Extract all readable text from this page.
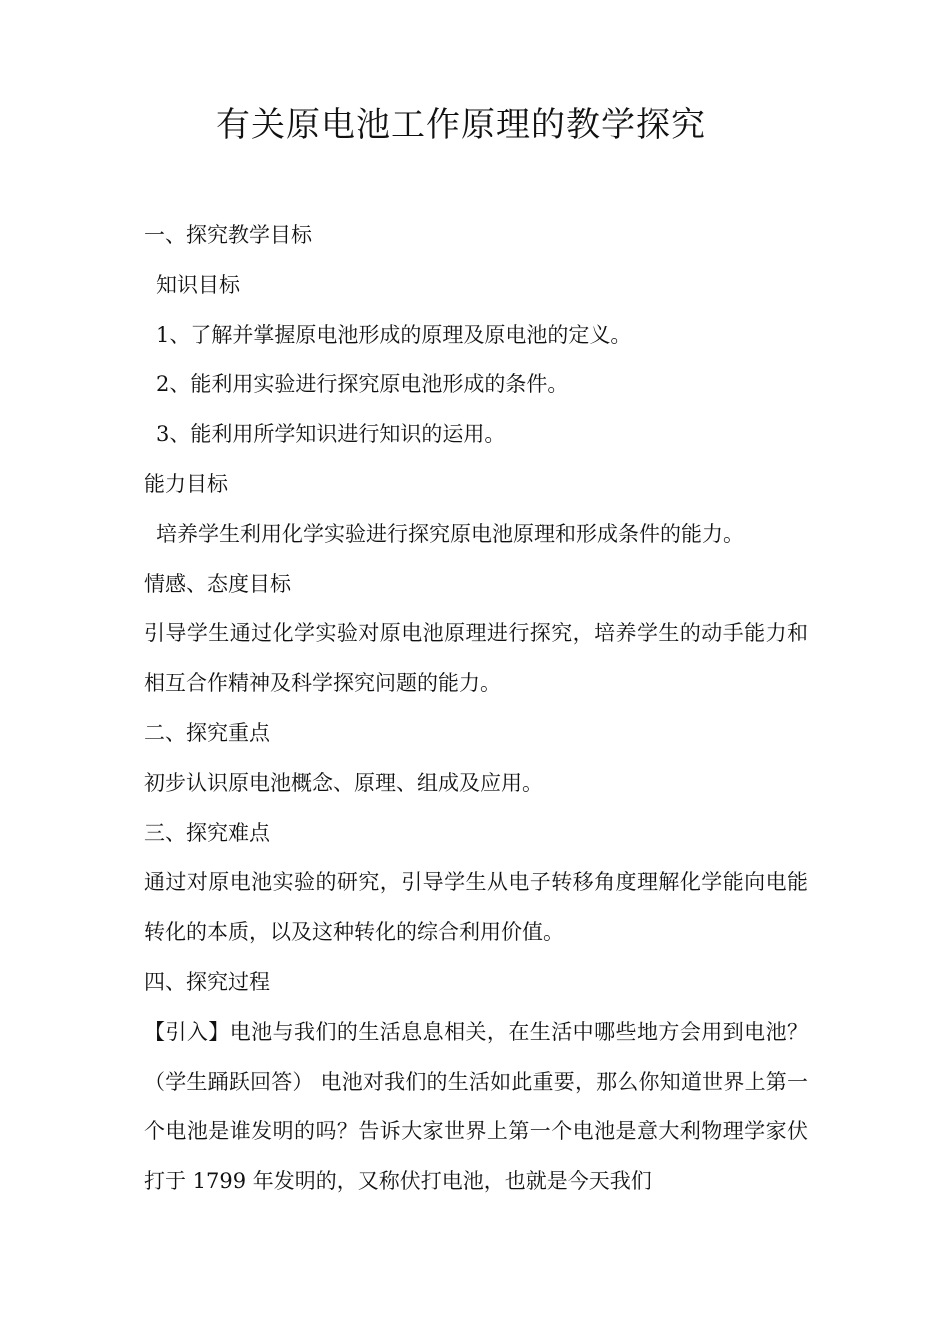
有关原电池工作原理的教学探究
一、探究教学目标
知识目标
1、了解并掌握原电池形成的原理及原电池的定义。
2、能利用实验进行探究原电池形成的条件。
3、能利用所学知识进行知识的运用。
能力目标
培养学生利用化学实验进行探究原电池原理和形成条件的能力。
情感、态度目标

引导学生通过化学实验对原电池原理进行探究，培养学生的动手能力和相互合作精神及科学探究问题的能力。

二、探究重点
初步认识原电池概念、原理、组成及应用。
三、探究难点

通过对原电池实验的研究，引导学生从电子转移角度理解化学能向电能转化的本质，以及这种转化的综合利用价值。

四、探究过程

【引入】电池与我们的生活息息相关，在生活中哪些地方会用到电池？（学生踊跃回答） 电池对我们的生活如此重要，那么你知道世界上第一个电池是谁发明的吗？告诉大家世界上第一个电池是意大利物理学家伏打于 1799 年发明的，又称伏打电池，也就是今天我们
